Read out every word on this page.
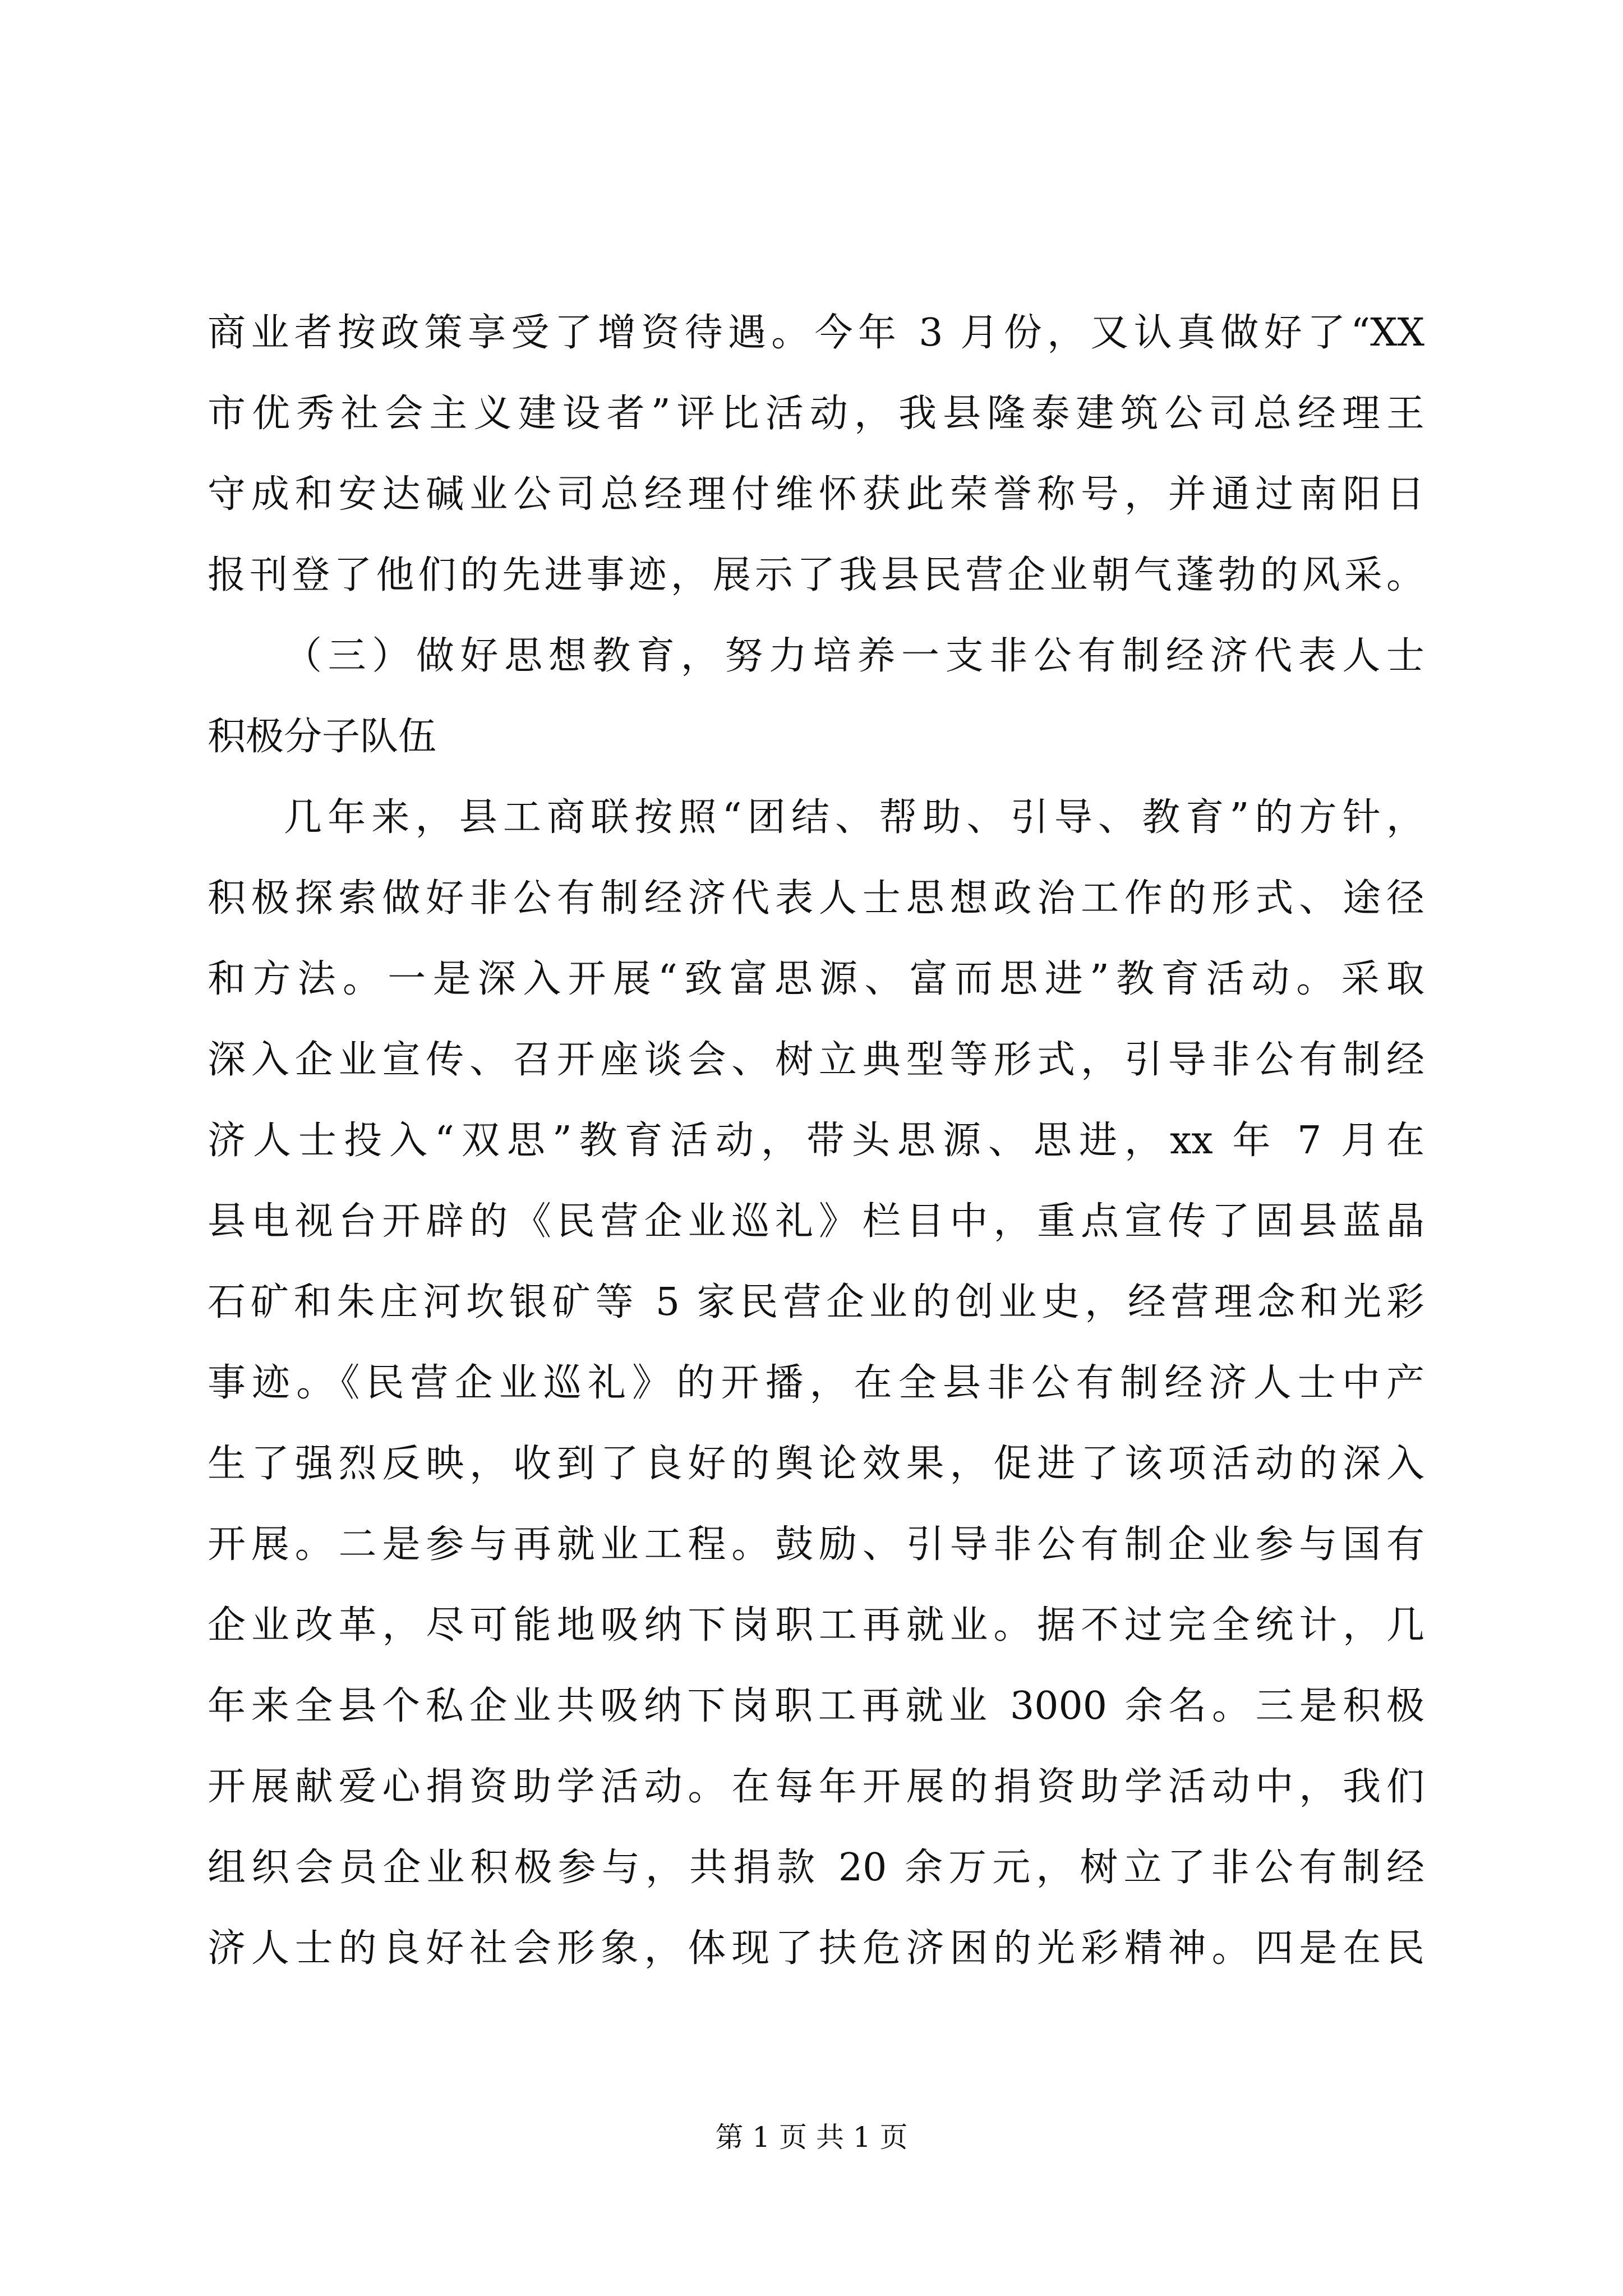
商业者按政策享受了增资待遇。今年 3 月份，又认真做好了“XX
市优秀社会主义建设者”评比活动，我县隆泰建筑公司总经理王
守成和安达碱业公司总经理付维怀获此荣誉称号，并通过南阳日
报刊登了他们的先进事迹，展示了我县民营企业朝气蓬勃的风采。
（三）做好思想教育，努力培养一支非公有制经济代表人士
积极分子队伍
几年来，县工商联按照“团结、帮助、引导、教育”的方针，
积极探索做好非公有制经济代表人士思想政治工作的形式、途径
和方法。一是深入开展“致富思源、富而思进”教育活动。采取
深入企业宣传、召开座谈会、树立典型等形式，引导非公有制经
济人士投入“双思”教育活动，带头思源、思进，xx 年 7 月在
县电视台开辟的《民营企业巡礼》栏目中，重点宣传了固县蓝晶
石矿和朱庄河坎银矿等 5 家民营企业的创业史，经营理念和光彩
事迹。《民营企业巡礼》的开播，在全县非公有制经济人士中产
生了强烈反映，收到了良好的舆论效果，促进了该项活动的深入
开展。二是参与再就业工程。鼓励、引导非公有制企业参与国有
企业改革，尽可能地吸纳下岗职工再就业。据不过完全统计，几
年来全县个私企业共吸纳下岗职工再就业 3000 余名。三是积极
开展献爱心捐资助学活动。在每年开展的捐资助学活动中，我们
组织会员企业积极参与，共捐款 20 余万元，树立了非公有制经
济人士的良好社会形象，体现了扶危济困的光彩精神。四是在民
第 1 页 共 1 页
